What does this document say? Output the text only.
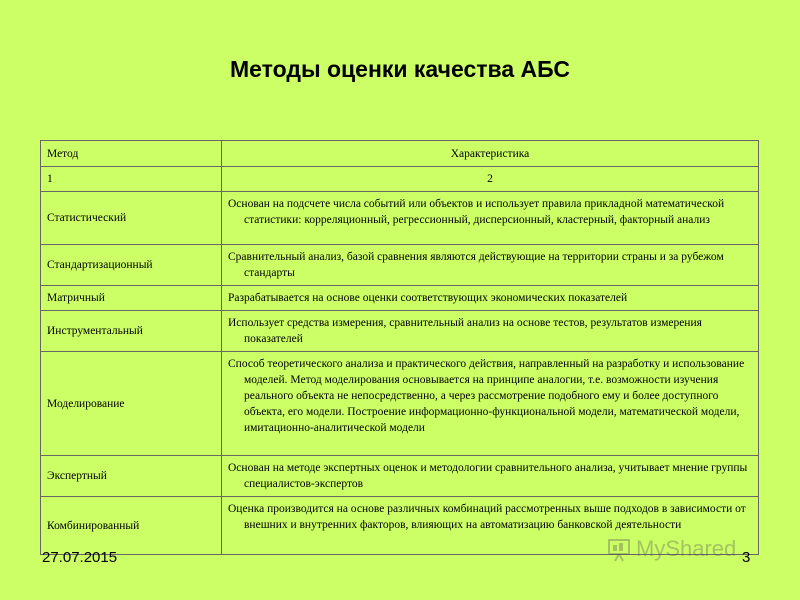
Методы оценки качества АБС
Метод	Характеристика
1	2
Статистический	Основан на подсчете числа событий или объектов и использует правила прикладной математической статистики: корреляционный, регрессионный, дисперсионный, кластерный, факторный анализ

Стандартизационный	Сравнительный анализ, базой сравнения являются действующие на территории страны и за рубежом стандарты

Матричный	Разрабатывается на основе оценки соответствующих экономических показателей

Инструментальный	Использует средства измерения, сравнительный анализ на основе тестов, результатов измерения показателей

Моделирование	Способ теоретического анализа и практического действия, направленный на разработку и использование моделей. Метод моделирования основывается на принципе аналогии, т.е. возможности изучения реального объекта не непосредственно, а через рассмотрение подобного ему и более доступного объекта, его модели. Построение информационно-функциональной модели, математической модели, имитационно-аналитической модели

Экспертный	Основан на методе экспертных оценок и методологии сравнительного анализа, учитывает мнение группы специалистов-экспертов

Комбинированный	Оценка производится на основе различных комбинаций рассмотренных выше подходов в зависимости от внешних и внутренних факторов, влияющих на автоматизацию банковской деятельности
MyShared
27.07.2015	3
